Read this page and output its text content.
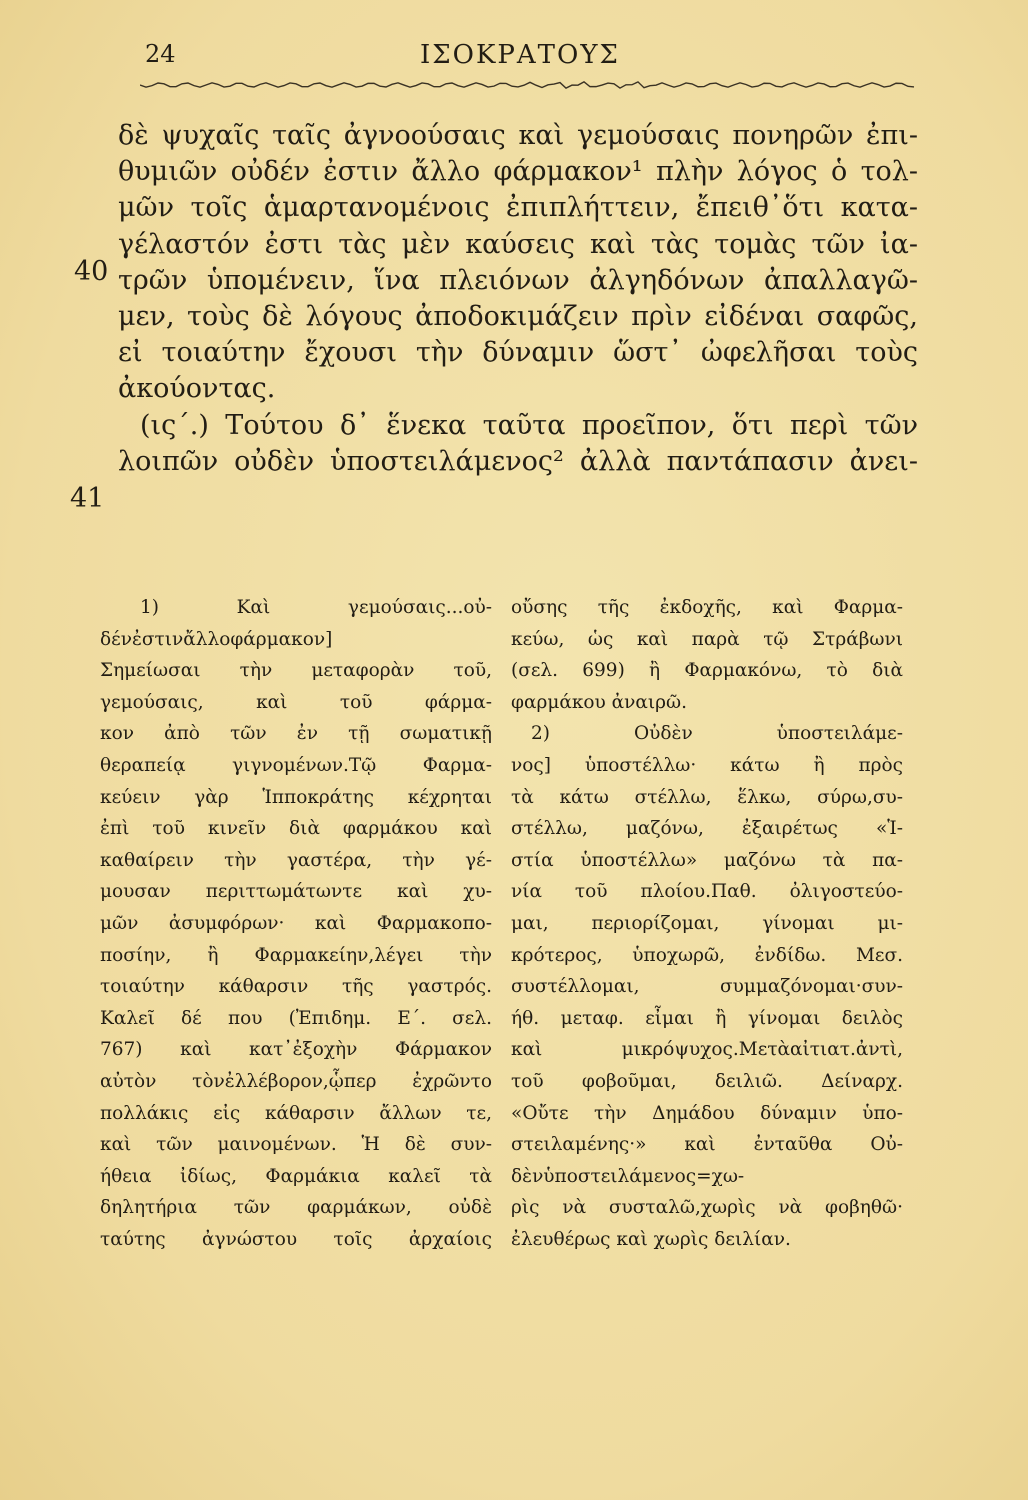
24	ΙΣΟΚΡΑΤΟΥΣ
40
41
δὲ ψυχαῖς ταῖς ἀγνοούσαις καὶ γεμούσαις πονηρῶν ἐπι-
θυμιῶν οὐδέν ἐστιν ἄλλο φάρμακον¹ πλὴν λόγος ὁ τολ-
μῶν τοῖς ἁμαρτανομένοις ἐπιπλήττειν, ἔπειθ᾽ὅτι κατα-
γέλαστόν ἐστι τὰς μὲν καύσεις καὶ τὰς τομὰς τῶν ἰα-
τρῶν ὑπομένειν, ἵνα πλειόνων ἀλγηδόνων ἀπαλλαγῶ-
μεν, τοὺς δὲ λόγους ἀποδοκιμάζειν πρὶν εἰδέναι σαφῶς,
εἰ τοιαύτην ἔχουσι τὴν δύναμιν ὥστ᾽ ὠφελῆσαι τοὺς
ἀκούοντας.
(ις΄.) Τούτου δ᾽ ἕνεκα ταῦτα προεῖπον, ὅτι περὶ τῶν
λοιπῶν οὐδὲν ὑποστειλάμενος² ἀλλὰ παντάπασιν ἀνει-
1) Καὶ γεμούσαις...οὐ-
δένἐστινἄλλοφάρμακον]
Σημείωσαι τὴν μεταφορὰν τοῦ,
γεμούσαις, καὶ τοῦ φάρμα-
κον ἀπὸ τῶν ἐν τῇ σωματικῇ
θεραπείᾳ γιγνομένων.Τῷ Φαρμα-
κεύειν γὰρ Ἱπποκράτης κέχρηται
ἐπὶ τοῦ κινεῖν διὰ φαρμάκου καὶ
καθαίρειν τὴν γαστέρα, τὴν γέ-
μουσαν περιττωμάτωντε καὶ χυ-
μῶν ἀσυμφόρων· καὶ Φαρμακοπο-
ποσίην, ἢ Φαρμακείην,λέγει τὴν
τοιαύτην κάθαρσιν τῆς γαστρός.
Καλεῖ δέ που (Ἐπιδημ. Ε΄. σελ.
767) καὶ κατ᾽ἐξοχὴν Φάρμακον
αὐτὸν τὸνἐλλέβορον,ᾧπερ ἐχρῶντο
πολλάκις εἰς κάθαρσιν ἄλλων τε,
καὶ τῶν μαινομένων. Ἡ δὲ συν-
ήθεια ἰδίως, Φαρμάκια καλεῖ τὰ
δηλητήρια τῶν φαρμάκων, οὐδὲ
ταύτης ἀγνώστου τοῖς ἀρχαίοις
οὔσης τῆς ἐκδοχῆς, καὶ Φαρμα-
κεύω, ὡς καὶ παρὰ τῷ Στράβωνι
(σελ. 699) ἢ Φαρμακόνω, τὸ διὰ
φαρμάκου ἀναιρῶ.
2) Οὐδὲν ὑποστειλάμε-
νος] ὑποστέλλω· κάτω ἢ πρὸς
τὰ κάτω στέλλω, ἕλκω, σύρω,συ-
στέλλω, μαζόνω, ἐξαιρέτως «Ἱ-
στία ὑποστέλλω» μαζόνω τὰ πα-
νία τοῦ πλοίου.Παθ. ὀλιγοστεύο-
μαι, περιορίζομαι, γίνομαι μι-
κρότερος, ὑποχωρῶ, ἐνδίδω. Μεσ.
συστέλλομαι, συμμαζόνομαι·συν-
ήθ. μεταφ. εἶμαι ἢ γίνομαι δειλὸς
καὶ μικρόψυχος.Μετὰαἰτιατ.ἀντὶ,
τοῦ φοβοῦμαι, δειλιῶ. Δείναρχ.
«Οὔτε τὴν Δημάδου δύναμιν ὑπο-
στειλαμένης·» καὶ ἐνταῦθα Οὐ-
δὲνὑποστειλάμενος=χω-
ρὶς νὰ συσταλῶ,χωρὶς νὰ φοβηθῶ·
ἐλευθέρως καὶ χωρὶς δειλίαν.
